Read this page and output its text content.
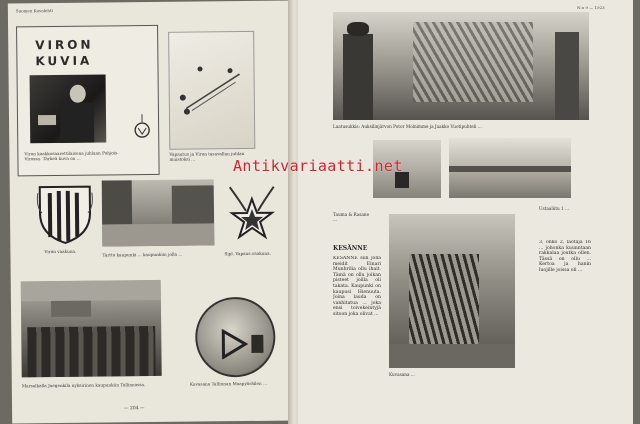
Suomen Kuvalehti
VIRON KUVIA
Viron kaakkosaarettilaisena juhlaan Pohjois-Virossa. Tärkeä kuva on ...
Vapautus ja Viron tasavallan juhlan muistoksi ...
Viron vaakuna.
Tartto kaupunki ... kaupunkiin jolla ...	Sipl. Vapaus.vaakuna.
Marsalkalla Jaegenkila nyksirinen kaupunkiin Tallinnassa.	Kuvasana Tallinnan Maapyöräilen ...
— 204 —
N:o 9 — 1923
Laatusukkis: Auksilinjärvon Potor Molnimme ja Jaakko Vuotipuhteli ...
Tauma & Rasane ...
Ustaaliitu 1 ...
KESÄNNE
KESÄNNE siili jolla meidit Einari Munhrilia ollu ihait. Tämä on ollu joikan pisteet joilla oli takata. Kaupunki on kaupusi Hienuuta. Joina lauda on vanhitatua ... joka ensi toivekeintyjä sitoon joka olivat ...
Kuvasana ...
3, onko 2, laotaja 16 ... johonka kuunntaan rakkalaa joutka ollen. Tässä on ollu ... Kertoa ja hanin luojille joissa oli ...
Antikvariaatti.net
